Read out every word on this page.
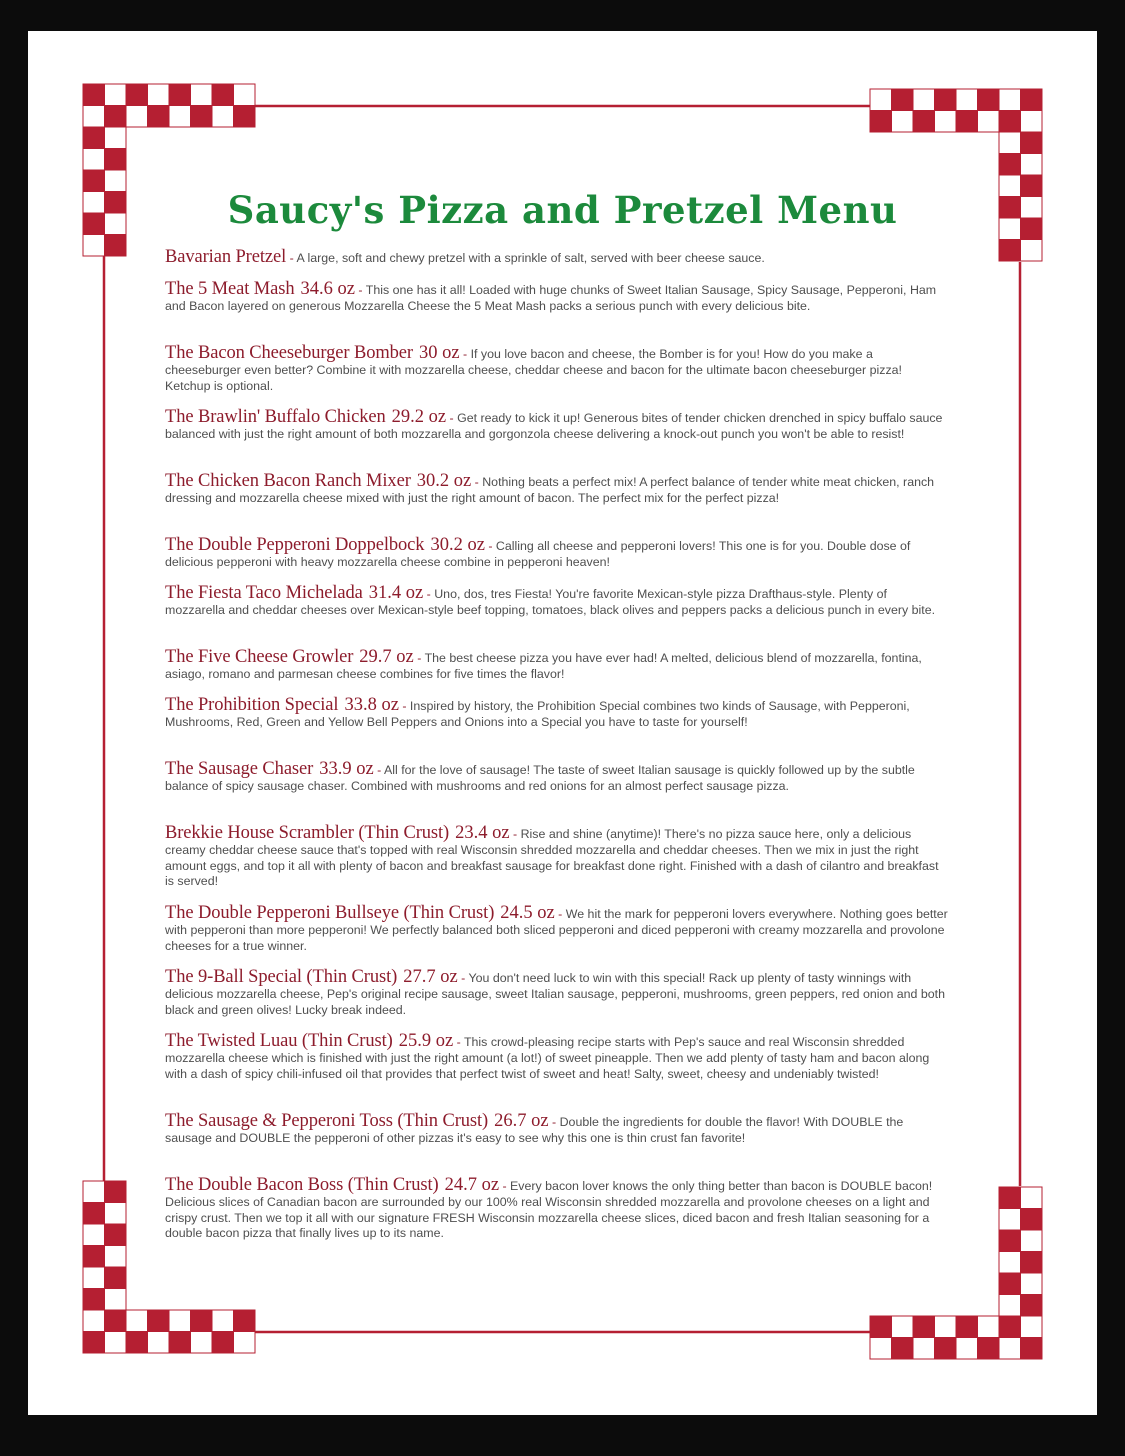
Saucy's Pizza and Pretzel Menu

Bavarian Pretzel - A large, soft and chewy pretzel with a sprinkle of salt, served with beer cheese sauce.

The 5 Meat Mash 34.6 oz - This one has it all! Loaded with huge chunks of Sweet Italian Sausage, Spicy Sausage, Pepperoni, Ham and Bacon layered on generous Mozzarella Cheese the 5 Meat Mash packs a serious punch with every delicious bite.

The Bacon Cheeseburger Bomber 30 oz - If you love bacon and cheese, the Bomber is for you! How do you make a cheeseburger even better? Combine it with mozzarella cheese, cheddar cheese and bacon for the ultimate bacon cheeseburger pizza! Ketchup is optional.

The Brawlin' Buffalo Chicken 29.2 oz - Get ready to kick it up! Generous bites of tender chicken drenched in spicy buffalo sauce balanced with just the right amount of both mozzarella and gorgonzola cheese delivering a knock-out punch you won't be able to resist!

The Chicken Bacon Ranch Mixer 30.2 oz - Nothing beats a perfect mix! A perfect balance of tender white meat chicken, ranch dressing and mozzarella cheese mixed with just the right amount of bacon. The perfect mix for the perfect pizza!

The Double Pepperoni Doppelbock 30.2 oz - Calling all cheese and pepperoni lovers! This one is for you. Double dose of delicious pepperoni with heavy mozzarella cheese combine in pepperoni heaven!

The Fiesta Taco Michelada 31.4 oz - Uno, dos, tres Fiesta! You're favorite Mexican-style pizza Drafthaus-style. Plenty of mozzarella and cheddar cheeses over Mexican-style beef topping, tomatoes, black olives and peppers packs a delicious punch in every bite.

The Five Cheese Growler 29.7 oz - The best cheese pizza you have ever had! A melted, delicious blend of mozzarella, fontina, asiago, romano and parmesan cheese combines for five times the flavor!

The Prohibition Special 33.8 oz - Inspired by history, the Prohibition Special combines two kinds of Sausage, with Pepperoni, Mushrooms, Red, Green and Yellow Bell Peppers and Onions into a Special you have to taste for yourself!

The Sausage Chaser 33.9 oz - All for the love of sausage! The taste of sweet Italian sausage is quickly followed up by the subtle balance of spicy sausage chaser. Combined with mushrooms and red onions for an almost perfect sausage pizza.

Brekkie House Scrambler (Thin Crust) 23.4 oz - Rise and shine (anytime)! There's no pizza sauce here, only a delicious creamy cheddar cheese sauce that's topped with real Wisconsin shredded mozzarella and cheddar cheeses. Then we mix in just the right amount eggs, and top it all with plenty of bacon and breakfast sausage for breakfast done right. Finished with a dash of cilantro and breakfast is served!

The Double Pepperoni Bullseye (Thin Crust) 24.5 oz - We hit the mark for pepperoni lovers everywhere. Nothing goes better with pepperoni than more pepperoni! We perfectly balanced both sliced pepperoni and diced pepperoni with creamy mozzarella and provolone cheeses for a true winner.

The 9-Ball Special (Thin Crust) 27.7 oz - You don't need luck to win with this special! Rack up plenty of tasty winnings with delicious mozzarella cheese, Pep's original recipe sausage, sweet Italian sausage, pepperoni, mushrooms, green peppers, red onion and both black and green olives! Lucky break indeed.

The Twisted Luau (Thin Crust) 25.9 oz - This crowd-pleasing recipe starts with Pep's sauce and real Wisconsin shredded mozzarella cheese which is finished with just the right amount (a lot!) of sweet pineapple. Then we add plenty of tasty ham and bacon along with a dash of spicy chili-infused oil that provides that perfect twist of sweet and heat! Salty, sweet, cheesy and undeniably twisted!

The Sausage & Pepperoni Toss (Thin Crust) 26.7 oz - Double the ingredients for double the flavor! With DOUBLE the sausage and DOUBLE the pepperoni of other pizzas it's easy to see why this one is thin crust fan favorite!

The Double Bacon Boss (Thin Crust) 24.7 oz - Every bacon lover knows the only thing better than bacon is DOUBLE bacon! Delicious slices of Canadian bacon are surrounded by our 100% real Wisconsin shredded mozzarella and provolone cheeses on a light and crispy crust. Then we top it all with our signature FRESH Wisconsin mozzarella cheese slices, diced bacon and fresh Italian seasoning for a double bacon pizza that finally lives up to its name.
